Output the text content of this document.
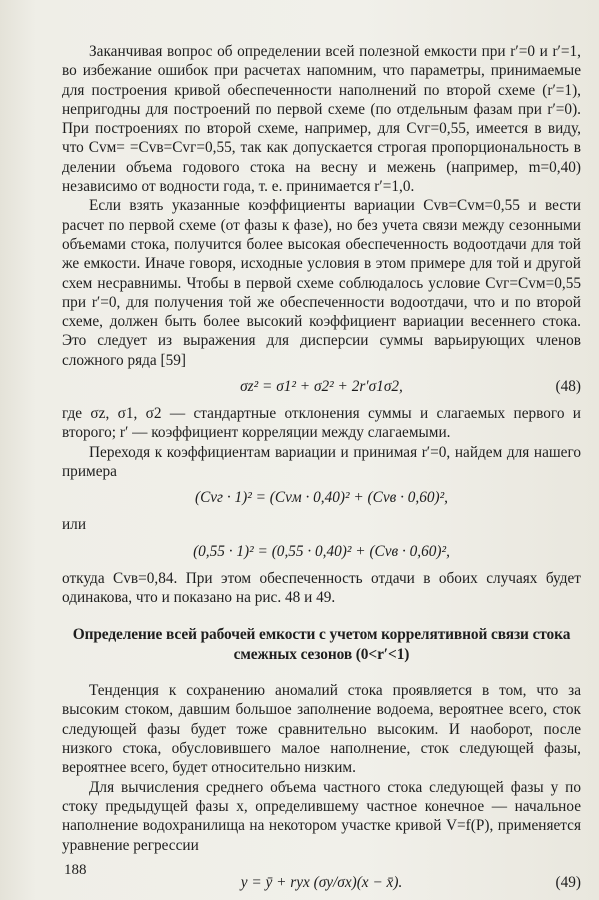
Заканчивая вопрос об определении всей полезной емкости при r′=0 и r′=1, во избежание ошибок при расчетах напомним, что параметры, принимаемые для построения кривой обеспеченности наполнений по второй схеме (r′=1), непригодны для построений по первой схеме (по отдельным фазам при r′=0). При построениях по второй схеме, например, для Cvг=0,55, имеется в виду, что Cvм= =Cvв=Cvг=0,55, так как допускается строгая пропорциональность в делении объема годового стока на весну и межень (например, m=0,40) независимо от водности года, т. е. принимается r′=1,0.

Если взять указанные коэффициенты вариации Cvв=Cvм=0,55 и вести расчет по первой схеме (от фазы к фазе), но без учета связи между сезонными объемами стока, получится более высокая обеспеченность водоотдачи для той же емкости. Иначе говоря, исходные условия в этом примере для той и другой схем несравнимы. Чтобы в первой схеме соблюдалось условие Cvг=Cvм=0,55 при r′=0, для получения той же обеспеченности водоотдачи, что и по второй схеме, должен быть более высокий коэффициент вариации весеннего стока. Это следует из выражения для дисперсии суммы варьирующих членов сложного ряда [59]

σz² = σ1² + σ2² + 2r′σ1σ2,	(48)

где σz, σ1, σ2 — стандартные отклонения суммы и слагаемых первого и второго; r′ — коэффициент корреляции между слагаемыми.

Переходя к коэффициентам вариации и принимая r′=0, найдем для нашего примера

(Cvг · 1)² = (Cvм · 0,40)² + (Cvв · 0,60)²,

или

(0,55 · 1)² = (0,55 · 0,40)² + (Cvв · 0,60)²,

откуда Cvв=0,84. При этом обеспеченность отдачи в обоих случаях будет одинакова, что и показано на рис. 48 и 49.

Определение всей рабочей емкости с учетом коррелятивной связи стока смежных сезонов (0<r′<1)

Тенденция к сохранению аномалий стока проявляется в том, что за высоким стоком, давшим большое заполнение водоема, вероятнее всего, сток следующей фазы будет тоже сравнительно высоким. И наоборот, после низкого стока, обусловившего малое наполнение, сток следующей фазы, вероятнее всего, будет относительно низким.

Для вычисления среднего объема частного стока следующей фазы y по стоку предыдущей фазы x, определившему частное конечное — начальное наполнение водохранилища на некотором участке кривой V=f(P), применяется уравнение регрессии

y = ȳ + ryx (σy/σx)(x − x̄).	(49)
188
